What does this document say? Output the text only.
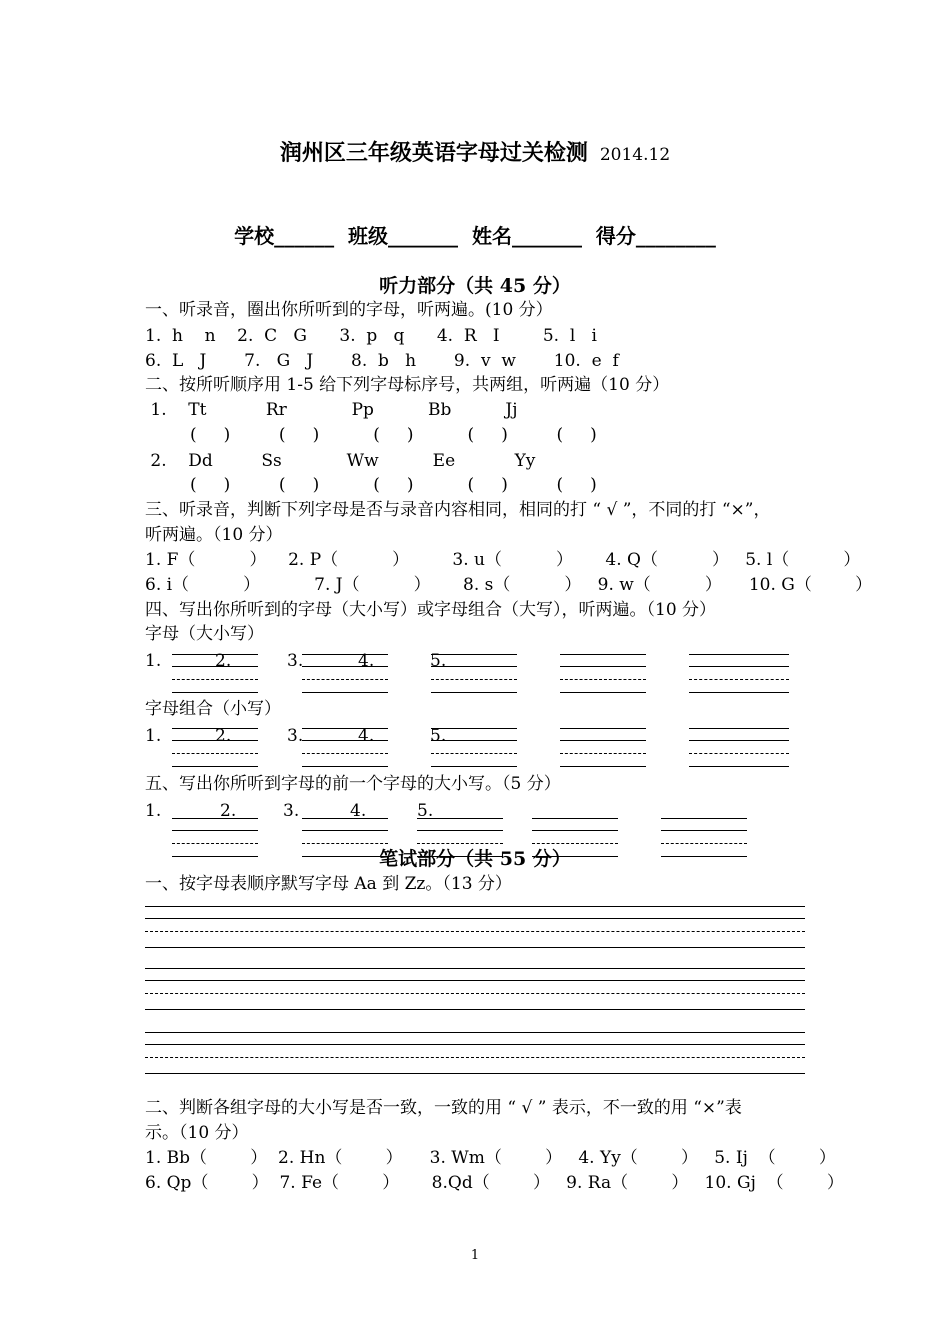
润州区三年级英语字母过关检测 2014.12
学校______  班级_______  姓名_______  得分________
听力部分（共 45 分）
一、听录音，圈出你所听到的字母，听两遍。(10 分）
1.  h    n    2.  C   G      3.  p   q      4.  R   I        5.  l   i
6.  L   J       7.   G   J       8.  b   h       9.  v  w       10.  e  f
二、按所听顺序用 1-5 给下列字母标序号，共两组，听两遍（10 分）
1.    Tt           Rr            Pp          Bb          Jj
(     )         (     )          (     )          (     )         (     )
2.    Dd         Ss            Ww          Ee           Yy
(     )         (     )          (     )          (     )         (     )
三、听录音，判断下列字母是否与录音内容相同，相同的打 “ √ ”，不同的打 “×”，
听两遍。（10 分）
1. F（          ）    2. P（          ）        3. u（          ）      4. Q（          ）   5. l（          ）
6. i（          ）          7. J（          ）      8. s（          ）   9. w（          ）     10. G（        ）
四、写出你所听到的字母（大小写）或字母组合（大写），听两遍。（10 分）
字母（大小写）
1.	2.	3.	4.	5.
字母组合（小写）
1.	2.	3.	4.	5.
五、写出你所听到字母的前一个字母的大小写。（5 分）
1.	2.	3.	4.	5.
笔试部分（共 55 分）
一、按字母表顺序默写字母 Aa 到 Zz。（13 分）
二、判断各组字母的大小写是否一致，一致的用 “ √ ” 表示，不一致的用 “×”表
示。（10 分）
1. Bb（        ）  2. Hn（        ）     3. Wm（        ）   4. Yy（        ）   5. Ij  （        ）
6. Qp（        ）  7. Fe（        ）      8.Qd（        ）   9. Ra（        ）   10. Gj  （        ）
1
